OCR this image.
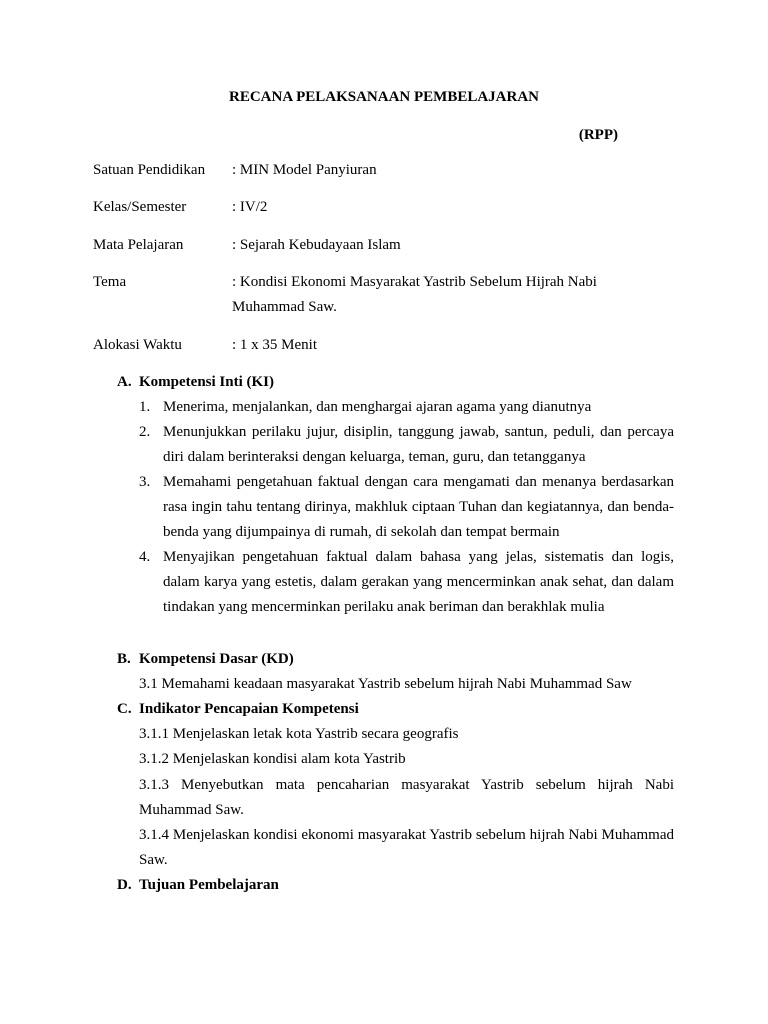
RECANA PELAKSANAAN PEMBELAJARAN
(RPP)
Satuan Pendidikan : MIN Model Panyiuran
Kelas/Semester	: IV/2
Mata Pelajaran	: Sejarah Kebudayaan Islam
Tema	: Kondisi Ekonomi Masyarakat Yastrib Sebelum Hijrah Nabi Muhammad Saw.
Alokasi Waktu	: 1 x 35 Menit
A. Kompetensi Inti (KI)
1. Menerima, menjalankan, dan menghargai ajaran agama yang dianutnya
2. Menunjukkan perilaku jujur, disiplin, tanggung jawab, santun, peduli, dan percaya diri dalam berinteraksi dengan keluarga, teman, guru, dan tetangganya
3. Memahami pengetahuan faktual dengan cara mengamati dan menanya berdasarkan rasa ingin tahu tentang dirinya, makhluk ciptaan Tuhan dan kegiatannya, dan benda-benda yang dijumpainya di rumah, di sekolah dan tempat bermain
4. Menyajikan pengetahuan faktual dalam bahasa yang jelas, sistematis dan logis, dalam karya yang estetis, dalam gerakan yang mencerminkan anak sehat, dan dalam tindakan yang mencerminkan perilaku anak beriman dan berakhlak mulia
B. Kompetensi Dasar (KD)
3.1 Memahami keadaan masyarakat Yastrib sebelum hijrah Nabi Muhammad Saw
C. Indikator Pencapaian Kompetensi
3.1.1 Menjelaskan letak kota Yastrib secara geografis
3.1.2 Menjelaskan kondisi alam kota Yastrib
3.1.3 Menyebutkan mata pencaharian masyarakat Yastrib sebelum hijrah Nabi Muhammad Saw.
3.1.4 Menjelaskan kondisi ekonomi masyarakat Yastrib sebelum hijrah Nabi Muhammad Saw.
D. Tujuan Pembelajaran
